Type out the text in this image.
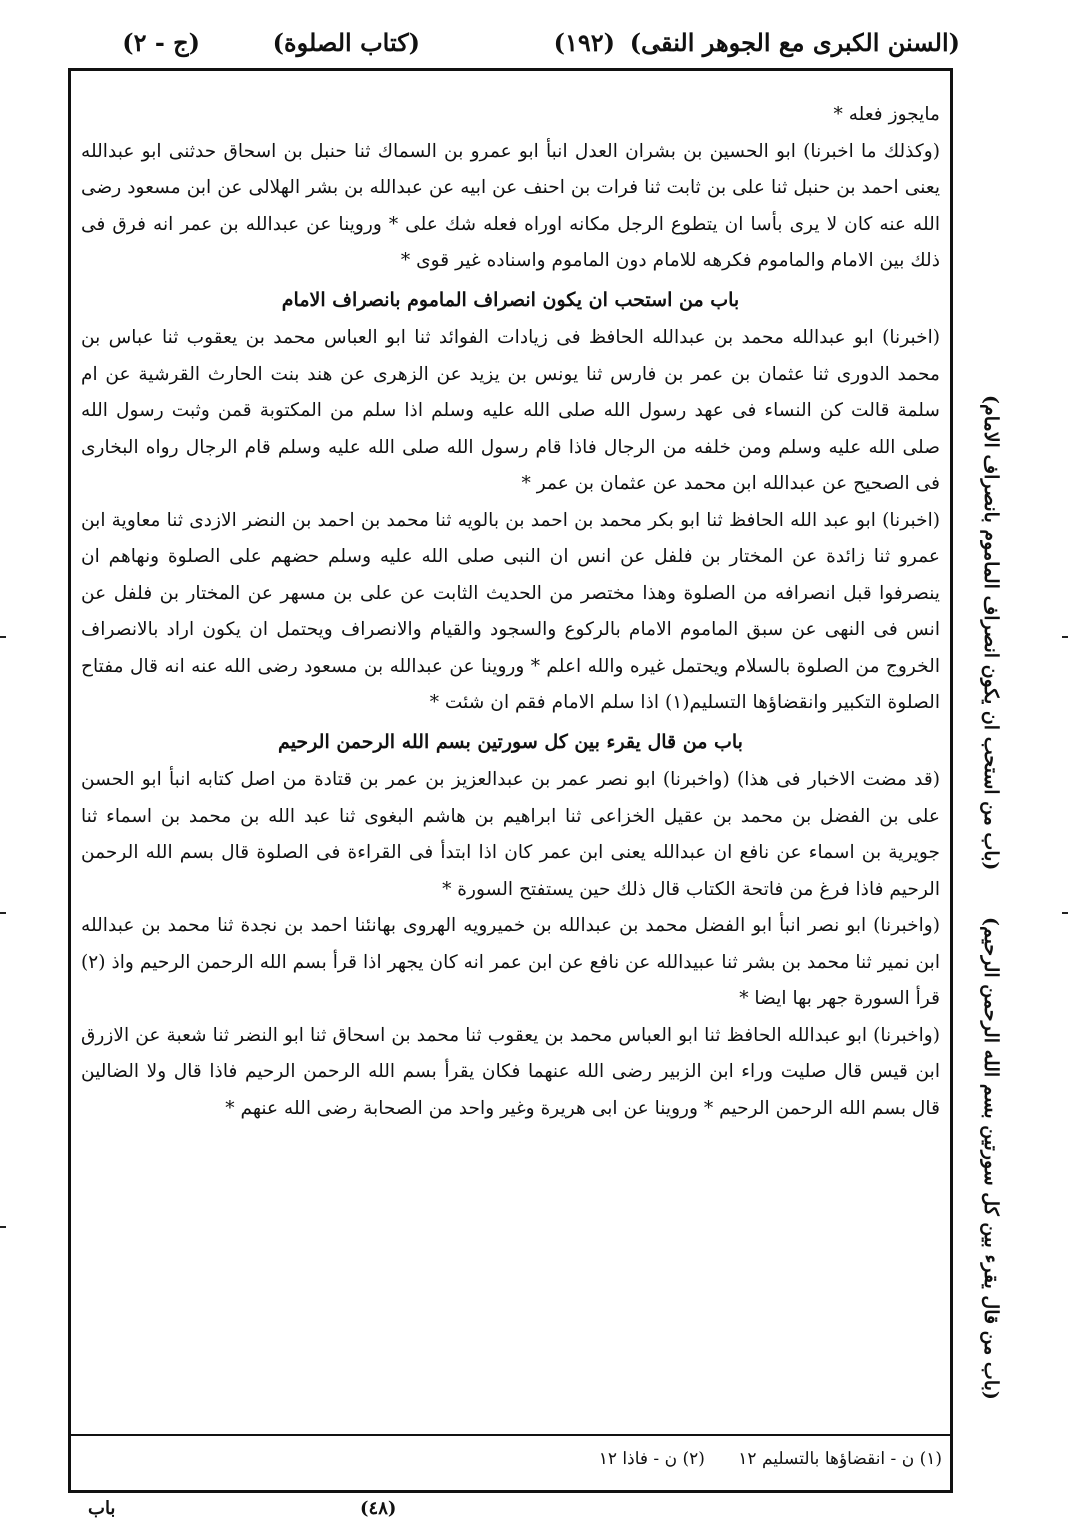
(السنن الكبرى مع الجوهر النقى)
(١٩٢)
(كتاب الصلوة)
(ج - ٢)

مايجوز فعله *

(وكذلك ما اخبرنا) ابو الحسين بن بشران العدل انبأ ابو عمرو بن السماك ثنا حنبل بن اسحاق حدثنى ابو عبدالله يعنى احمد بن حنبل ثنا على بن ثابت ثنا فرات بن احنف عن ابيه عن عبدالله بن بشر الهلالى عن ابن مسعود رضى الله عنه كان لا يرى بأسا ان يتطوع الرجل مكانه اوراه فعله شك على * وروينا عن عبدالله بن عمر انه فرق فى ذلك بين الامام والماموم فكرهه للامام دون الماموم واسناده غير قوى *

باب من استحب ان يكون انصراف الماموم بانصراف الامام

(اخبرنا) ابو عبدالله محمد بن عبدالله الحافظ فى زيادات الفوائد ثنا ابو العباس محمد بن يعقوب ثنا عباس بن محمد الدورى ثنا عثمان بن عمر بن فارس ثنا يونس بن يزيد عن الزهرى عن هند بنت الحارث القرشية عن ام سلمة قالت كن النساء فى عهد رسول الله صلى الله عليه وسلم اذا سلم من المكتوبة قمن وثبت رسول الله صلى الله عليه وسلم ومن خلفه من الرجال فاذا قام رسول الله صلى الله عليه وسلم قام الرجال رواه البخارى فى الصحيح عن عبدالله ابن محمد عن عثمان بن عمر *

(اخبرنا) ابو عبد الله الحافظ ثنا ابو بكر محمد بن احمد بن بالويه ثنا محمد بن احمد بن النضر الازدى ثنا معاوية ابن عمرو ثنا زائدة عن المختار بن فلفل عن انس ان النبى صلى الله عليه وسلم حضهم على الصلوة ونهاهم ان ينصرفوا قبل انصرافه من الصلوة وهذا مختصر من الحديث الثابت عن على بن مسهر عن المختار بن فلفل عن انس فى النهى عن سبق الماموم الامام بالركوع والسجود والقيام والانصراف ويحتمل ان يكون اراد بالانصراف الخروج من الصلوة بالسلام ويحتمل غيره والله اعلم * وروينا عن عبدالله بن مسعود رضى الله عنه انه قال مفتاح الصلوة التكبير وانقضاؤها التسليم(١) اذا سلم الامام فقم ان شئت *

باب من قال يقرء بين كل سورتين بسم الله الرحمن الرحيم

(قد مضت الاخبار فى هذا) (واخبرنا) ابو نصر عمر بن عبدالعزيز بن عمر بن قتادة من اصل كتابه انبأ ابو الحسن على بن الفضل بن محمد بن عقيل الخزاعى ثنا ابراهيم بن هاشم البغوى ثنا عبد الله بن محمد بن اسماء ثنا جويرية بن اسماء عن نافع ان عبدالله يعنى ابن عمر كان اذا ابتدأ فى القراءة فى الصلوة قال بسم الله الرحمن الرحيم فاذا فرغ من فاتحة الكتاب قال ذلك حين يستفتح السورة *

(واخبرنا) ابو نصر انبأ ابو الفضل محمد بن عبدالله بن خميرويه الهروى بهانئنا احمد بن نجدة ثنا محمد بن عبدالله ابن نمير ثنا محمد بن بشر ثنا عبيدالله عن نافع عن ابن عمر انه كان يجهر اذا قرأ بسم الله الرحمن الرحيم واذ (٢) قرأ السورة جهر بها ايضا *

(واخبرنا) ابو عبدالله الحافظ ثنا ابو العباس محمد بن يعقوب ثنا محمد بن اسحاق ثنا ابو النضر ثنا شعبة عن الازرق ابن قيس قال صليت وراء ابن الزبير رضى الله عنهما فكان يقرأ بسم الله الرحمن الرحيم فاذا قال ولا الضالين قال بسم الله الرحمن الرحيم * وروينا عن ابى هريرة وغير واحد من الصحابة رضى الله عنهم *

(١) ن - انقضاؤها بالتسليم ١٢ (٢) ن - فاذا ١٢
(باب من استحب ان يكون انصراف الماموم بانصراف الامام)
(باب من قال يقرء بين كل سورتين بسم الله الرحمن الرحيم)
باب	(٤٨)
